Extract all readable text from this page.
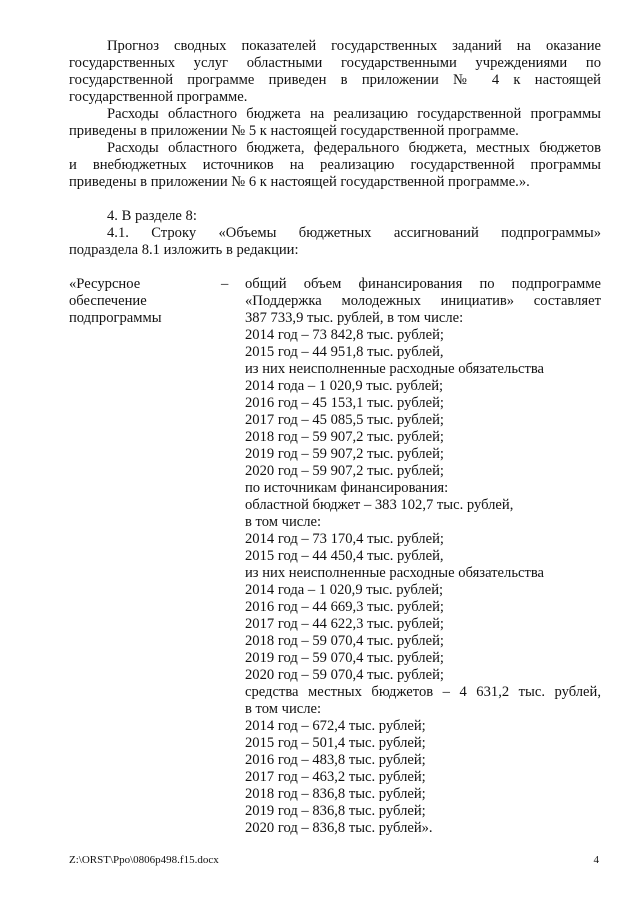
Прогноз сводных показателей государственных заданий на оказание
государственных услуг областными государственными учреждениями по
государственной программе приведен в приложении № 4 к настоящей
государственной программе.
Расходы областного бюджета на реализацию государственной программы
приведены в приложении № 5 к настоящей государственной программе.
Расходы областного бюджета, федерального бюджета, местных бюджетов
и внебюджетных источников на реализацию государственной программы
приведены в приложении № 6 к настоящей государственной программе.».
4. В разделе 8:
4.1. Строку «Объемы бюджетных ассигнований подпрограммы»
подраздела 8.1 изложить в редакции:
«Ресурсное
обеспечение
подпрограммы
– общий объем финансирования по подпрограмме
«Поддержка молодежных инициатив» составляет
387 733,9 тыс. рублей, в том числе:
2014 год – 73 842,8 тыс. рублей;
2015 год – 44 951,8 тыс. рублей,
из них неисполненные расходные обязательства
2014 года – 1 020,9 тыс. рублей;
2016 год – 45 153,1 тыс. рублей;
2017 год – 45 085,5 тыс. рублей;
2018 год – 59 907,2 тыс. рублей;
2019 год – 59 907,2 тыс. рублей;
2020 год – 59 907,2 тыс. рублей;
по источникам финансирования:
областной бюджет – 383 102,7 тыс. рублей,
в том числе:
2014 год – 73 170,4 тыс. рублей;
2015 год – 44 450,4 тыс. рублей,
из них неисполненные расходные обязательства
2014 года – 1 020,9 тыс. рублей;
2016 год – 44 669,3 тыс. рублей;
2017 год – 44 622,3 тыс. рублей;
2018 год – 59 070,4 тыс. рублей;
2019 год – 59 070,4 тыс. рублей;
2020 год – 59 070,4 тыс. рублей;
средства местных бюджетов – 4 631,2 тыс. рублей,
в том числе:
2014 год – 672,4 тыс. рублей;
2015 год – 501,4 тыс. рублей;
2016 год – 483,8 тыс. рублей;
2017 год – 463,2 тыс. рублей;
2018 год – 836,8 тыс. рублей;
2019 год – 836,8 тыс. рублей;
2020 год – 836,8 тыс. рублей».
Z:\ORST\Ppo\0806p498.f15.docx	4
